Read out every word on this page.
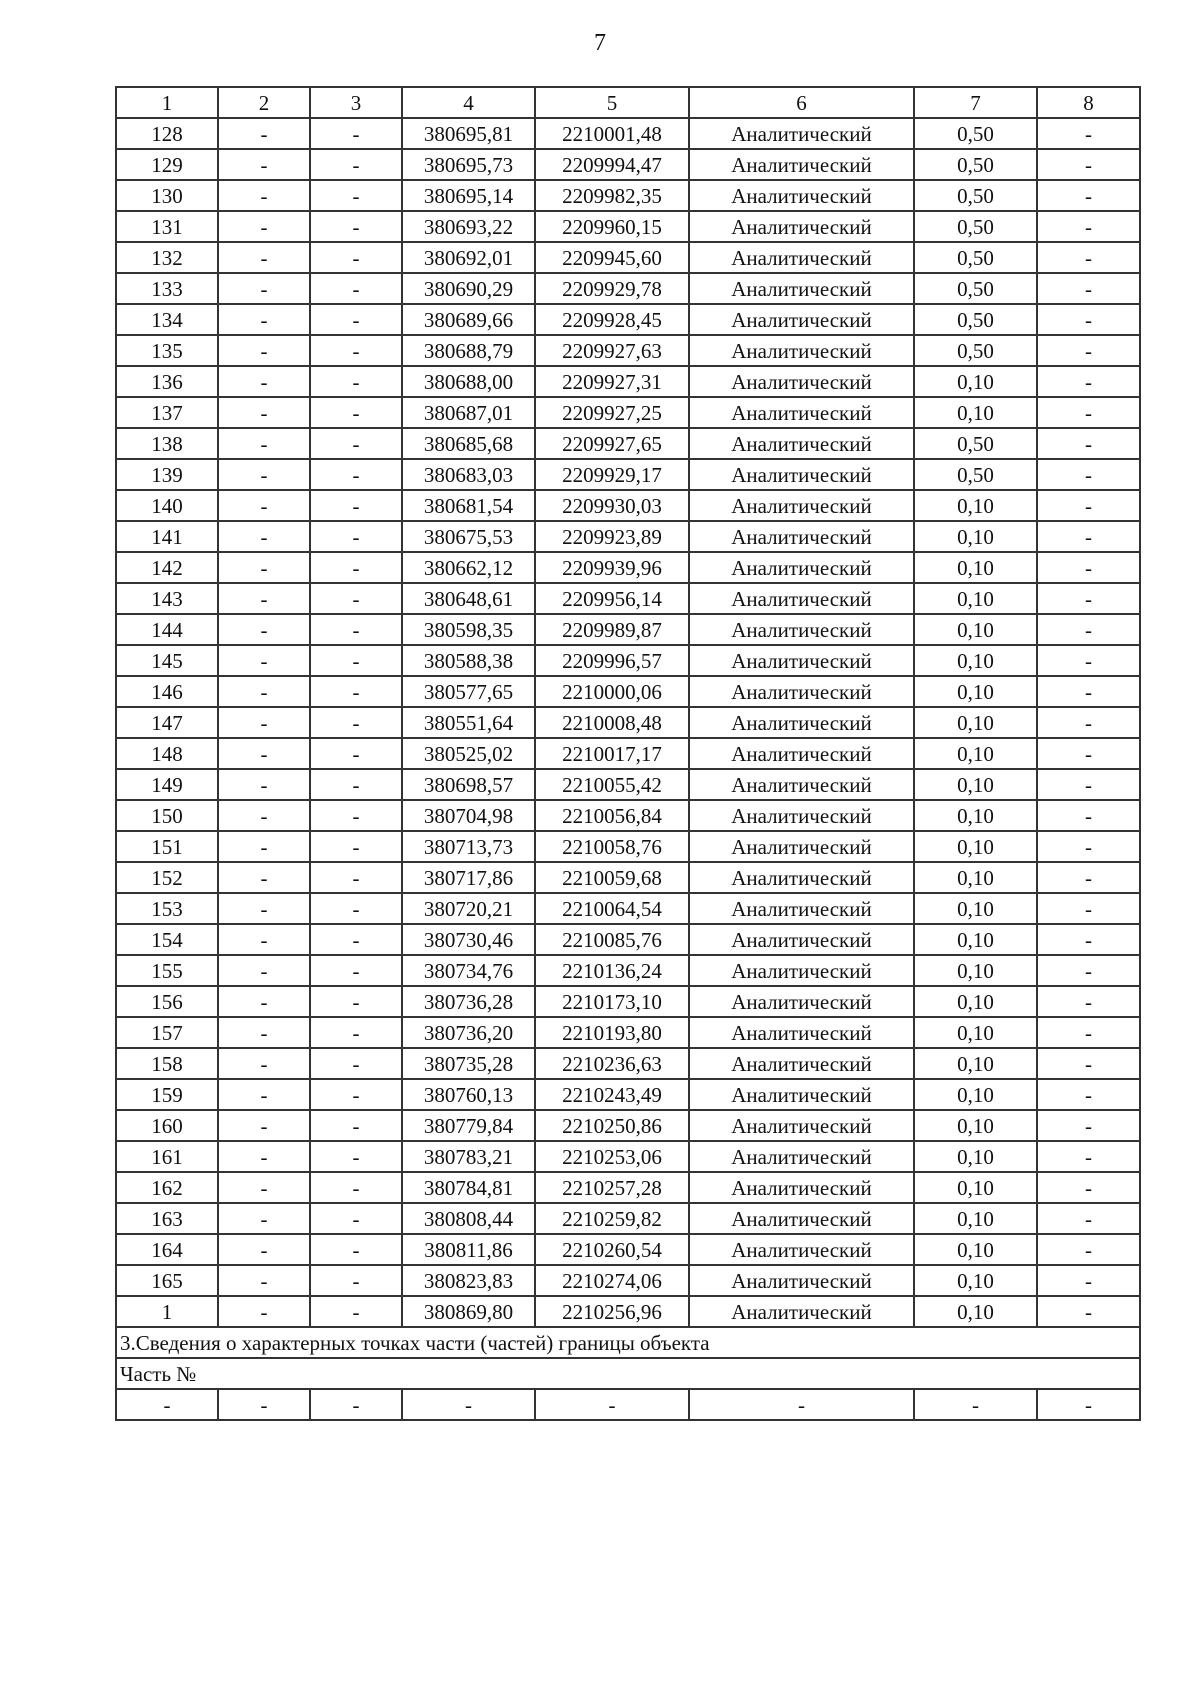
7
1	2	3	4	5	6	7	8
128	-	-	380695,81	2210001,48	Аналитический	0,50	-
129	-	-	380695,73	2209994,47	Аналитический	0,50	-
130	-	-	380695,14	2209982,35	Аналитический	0,50	-
131	-	-	380693,22	2209960,15	Аналитический	0,50	-
132	-	-	380692,01	2209945,60	Аналитический	0,50	-
133	-	-	380690,29	2209929,78	Аналитический	0,50	-
134	-	-	380689,66	2209928,45	Аналитический	0,50	-
135	-	-	380688,79	2209927,63	Аналитический	0,50	-
136	-	-	380688,00	2209927,31	Аналитический	0,10	-
137	-	-	380687,01	2209927,25	Аналитический	0,10	-
138	-	-	380685,68	2209927,65	Аналитический	0,50	-
139	-	-	380683,03	2209929,17	Аналитический	0,50	-
140	-	-	380681,54	2209930,03	Аналитический	0,10	-
141	-	-	380675,53	2209923,89	Аналитический	0,10	-
142	-	-	380662,12	2209939,96	Аналитический	0,10	-
143	-	-	380648,61	2209956,14	Аналитический	0,10	-
144	-	-	380598,35	2209989,87	Аналитический	0,10	-
145	-	-	380588,38	2209996,57	Аналитический	0,10	-
146	-	-	380577,65	2210000,06	Аналитический	0,10	-
147	-	-	380551,64	2210008,48	Аналитический	0,10	-
148	-	-	380525,02	2210017,17	Аналитический	0,10	-
149	-	-	380698,57	2210055,42	Аналитический	0,10	-
150	-	-	380704,98	2210056,84	Аналитический	0,10	-
151	-	-	380713,73	2210058,76	Аналитический	0,10	-
152	-	-	380717,86	2210059,68	Аналитический	0,10	-
153	-	-	380720,21	2210064,54	Аналитический	0,10	-
154	-	-	380730,46	2210085,76	Аналитический	0,10	-
155	-	-	380734,76	2210136,24	Аналитический	0,10	-
156	-	-	380736,28	2210173,10	Аналитический	0,10	-
157	-	-	380736,20	2210193,80	Аналитический	0,10	-
158	-	-	380735,28	2210236,63	Аналитический	0,10	-
159	-	-	380760,13	2210243,49	Аналитический	0,10	-
160	-	-	380779,84	2210250,86	Аналитический	0,10	-
161	-	-	380783,21	2210253,06	Аналитический	0,10	-
162	-	-	380784,81	2210257,28	Аналитический	0,10	-
163	-	-	380808,44	2210259,82	Аналитический	0,10	-
164	-	-	380811,86	2210260,54	Аналитический	0,10	-
165	-	-	380823,83	2210274,06	Аналитический	0,10	-
1	-	-	380869,80	2210256,96	Аналитический	0,10	-
3.Сведения о характерных точках части (частей) границы объекта							
Часть №							
-	-	-	-	-	-	-	-
